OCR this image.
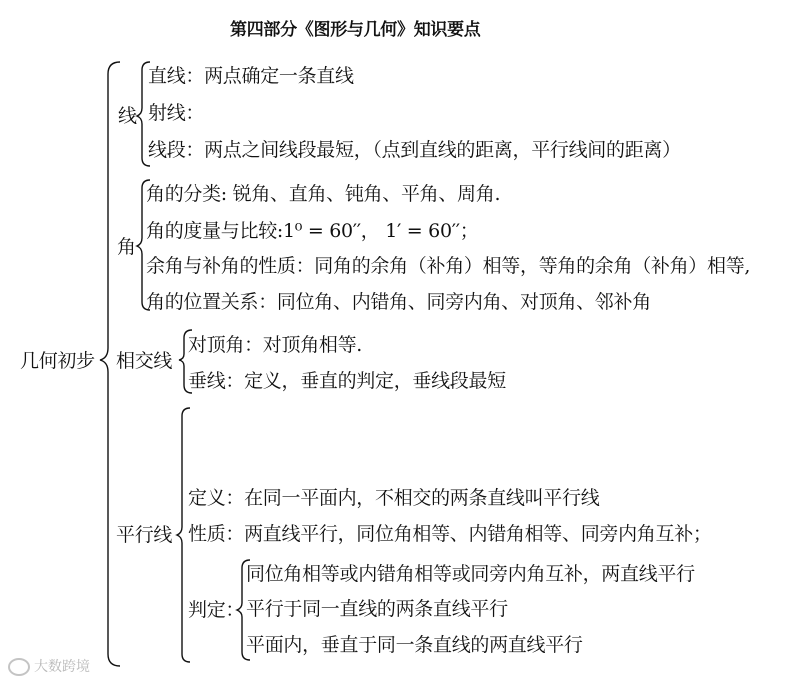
第四部分《图形与几何》知识要点
几何初步
线
直线：两点确定一条直线
射线：
线段：两点之间线段最短，（点到直线的距离，平行线间的距离）
角
角的分类: 锐角、直角、钝角、平角、周角.
角的度量与比较:1⁰ = 60′′， 1′ = 60′′；
余角与补角的性质：同角的余角（补角）相等，等角的余角（补角）相等,
角的位置关系：同位角、内错角、同旁内角、对顶角、邻补角
相交线
对顶角：对顶角相等.
垂线：定义，垂直的判定，垂线段最短
平行线
定义：在同一平面内，不相交的两条直线叫平行线
性质：两直线平行，同位角相等、内错角相等、同旁内角互补；
判定：
同位角相等或内错角相等或同旁内角互补，两直线平行
平行于同一直线的两条直线平行
平面内，垂直于同一条直线的两直线平行
大数跨境
